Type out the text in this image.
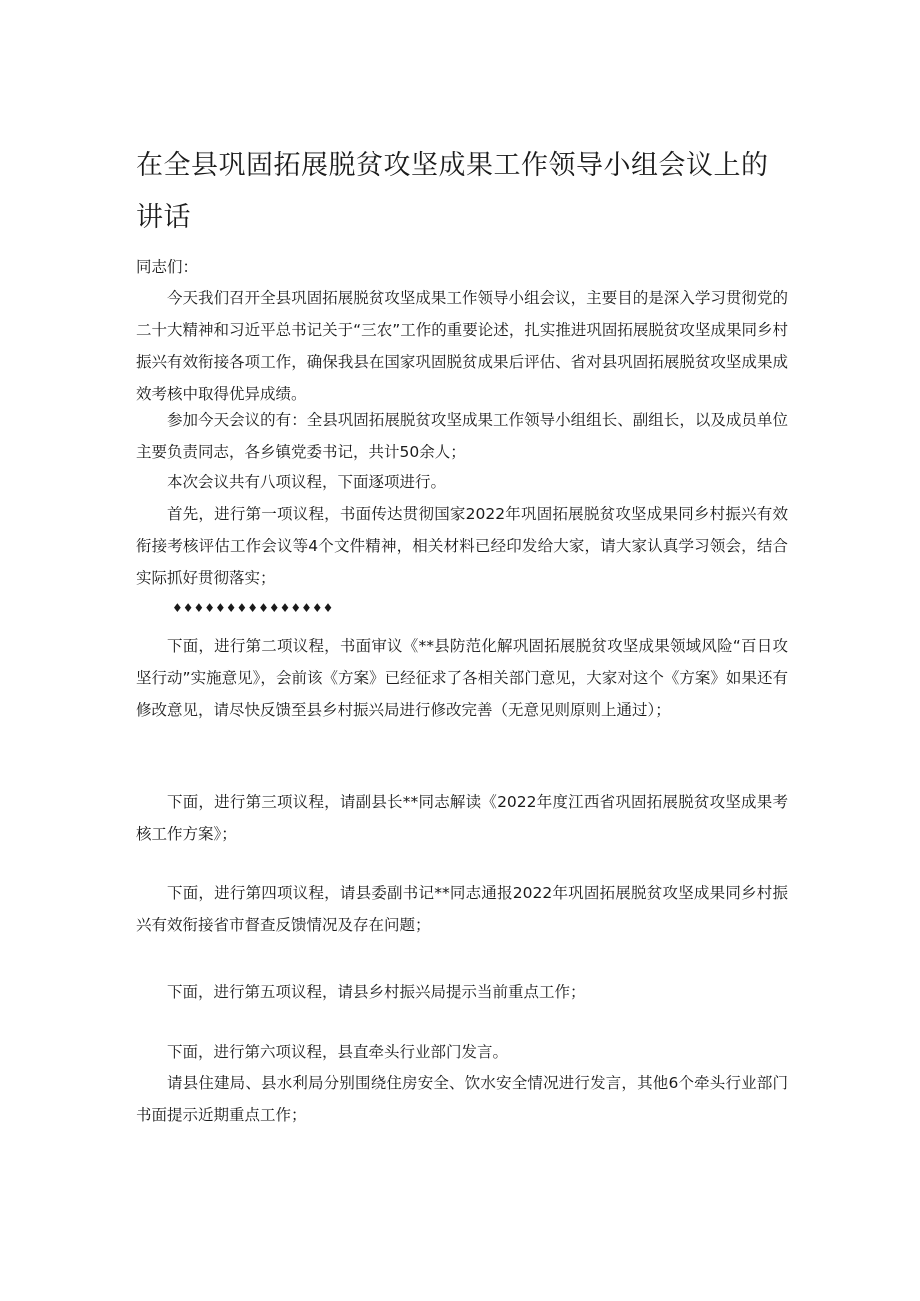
在全县巩固拓展脱贫攻坚成果工作领导小组会议上的讲话

同志们：

今天我们召开全县巩固拓展脱贫攻坚成果工作领导小组会议，主要目的是深入学习贯彻党的二十大精神和习近平总书记关于“三农”工作的重要论述，扎实推进巩固拓展脱贫攻坚成果同乡村振兴有效衔接各项工作，确保我县在国家巩固脱贫成果后评估、省对县巩固拓展脱贫攻坚成果成效考核中取得优异成绩。

参加今天会议的有：全县巩固拓展脱贫攻坚成果工作领导小组组长、副组长，以及成员单位主要负责同志，各乡镇党委书记，共计50余人；

本次会议共有八项议程，下面逐项进行。

首先，进行第一项议程，书面传达贯彻国家2022年巩固拓展脱贫攻坚成果同乡村振兴有效衔接考核评估工作会议等4个文件精神，相关材料已经印发给大家，请大家认真学习领会，结合实际抓好贯彻落实；

♦♦♦♦♦♦♦♦♦♦♦♦♦♦♦

下面，进行第二项议程，书面审议《**县防范化解巩固拓展脱贫攻坚成果领域风险“百日攻坚行动”实施意见》，会前该《方案》已经征求了各相关部门意见，大家对这个《方案》如果还有修改意见，请尽快反馈至县乡村振兴局进行修改完善（无意见则原则上通过）；

下面，进行第三项议程，请副县长**同志解读《2022年度江西省巩固拓展脱贫攻坚成果考核工作方案》；

下面，进行第四项议程，请县委副书记**同志通报2022年巩固拓展脱贫攻坚成果同乡村振兴有效衔接省市督查反馈情况及存在问题；

下面，进行第五项议程，请县乡村振兴局提示当前重点工作；

下面，进行第六项议程，县直牵头行业部门发言。

请县住建局、县水利局分别围绕住房安全、饮水安全情况进行发言，其他6个牵头行业部门书面提示近期重点工作；
